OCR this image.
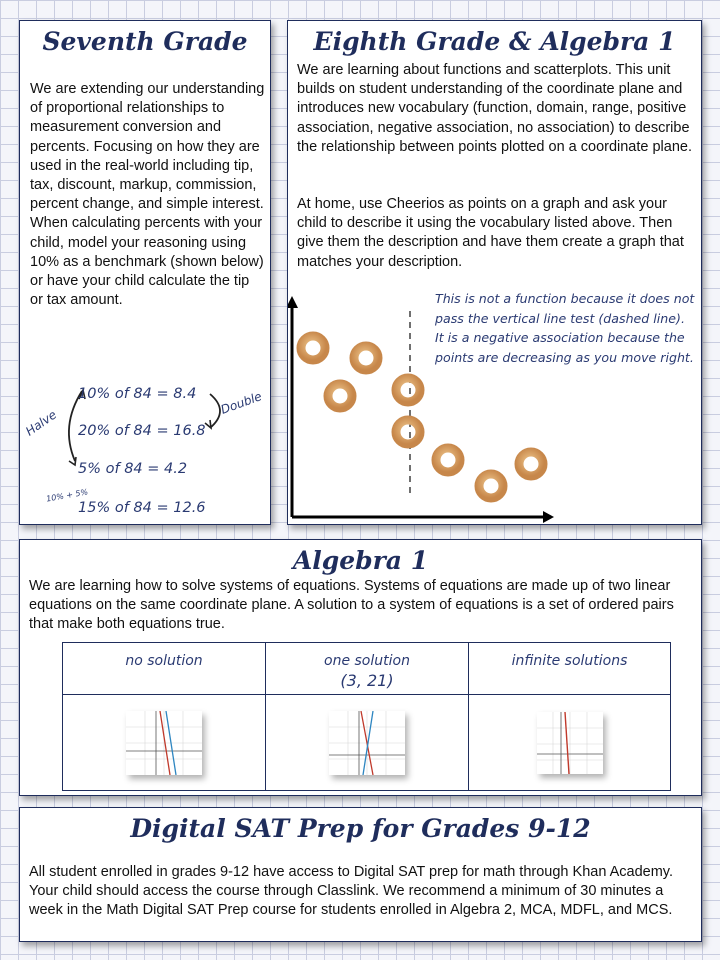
Seventh Grade
We are extending our understanding of proportional relationships to measurement conversion and percents. Focusing on how they are used in the real-world including tip, tax, discount, markup, commission, percent change, and simple interest.
When calculating percents with your child, model your reasoning using 10% as a benchmark (shown below) or have your child calculate the tip or tax amount.
10% of 84 = 8.4
20% of 84 = 16.8
5% of 84 = 4.2
15% of 84 = 12.6
Halve
Double
10% + 5%
Eighth Grade & Algebra 1
We are learning about functions and scatterplots. This unit builds on student understanding of the coordinate plane and introduces new vocabulary (function, domain, range, positive association, negative association, no association) to describe the relationship between points plotted on a coordinate plane.
At home, use Cheerios as points on a graph and ask your child to describe it using the vocabulary listed above. Then give them the description and have them create a graph that matches your description.
This is not a function because it does not pass the vertical line test (dashed line). It is a negative association because the points are decreasing as you move right.
Algebra 1
We are learning how to solve systems of equations. Systems of equations are made up of two linear equations on the same coordinate plane. A solution to a system of equations is a set of ordered pairs that make both equations true.
no solution	one solution
(3, 21)
infinite solutions
Digital SAT Prep for Grades 9-12
All student enrolled in grades 9-12 have access to Digital SAT prep for math through Khan Academy. Your child should access the course through Classlink. We recommend a minimum of 30 minutes a week in the Math Digital SAT Prep course for students enrolled in Algebra 2, MCA, MDFL, and MCS.
